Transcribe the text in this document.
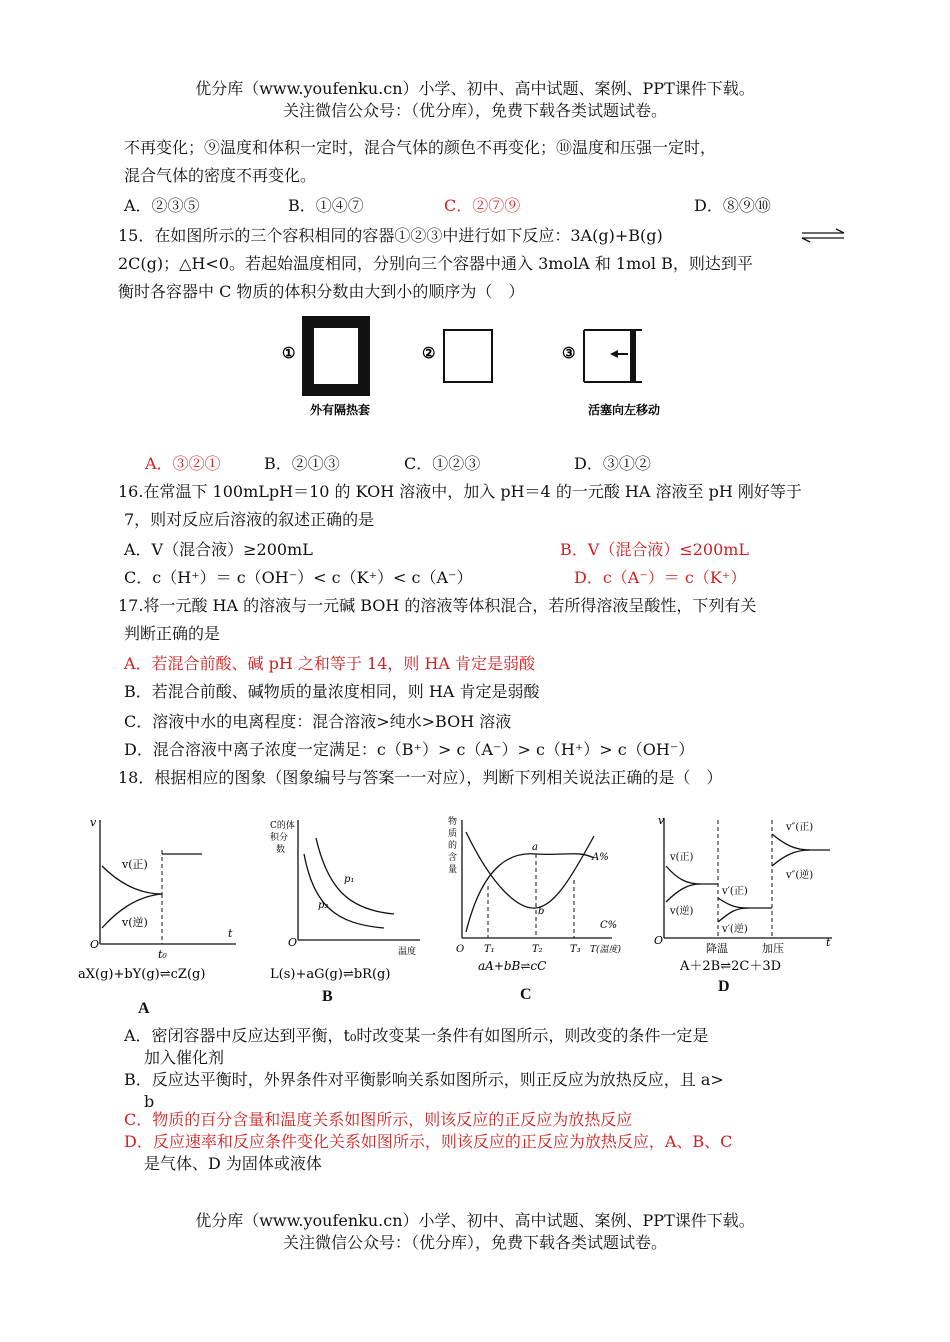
优分库（www.youfenku.cn）小学、初中、高中试题、案例、PPT课件下载。
关注微信公众号：（优分库），免费下载各类试题试卷。
不再变化；⑨温度和体积一定时，混合气体的颜色不再变化；⑩温度和压强一定时，
混合气体的密度不再变化。
A．②③⑤	B．①④⑦	C．②⑦⑨	D．⑧⑨⑩
15．在如图所示的三个容积相同的容器①②③中进行如下反应：3A(g)+B(g)
2C(g)；△H<0。若起始温度相同，分别向三个容器中通入 3molA 和 1mol B，则达到平
衡时各容器中 C 物质的体积分数由大到小的顺序为（　）
①
外有隔热套
②	③
活塞向左移动
A．③②①	B．②①③	C．①②③	D．③①②
16.在常温下 100mLpH＝10 的 KOH 溶液中，加入 pH＝4 的一元酸 HA 溶液至 pH 刚好等于
7，则对反应后溶液的叙述正确的是
A．V（混合液）≥200mL	B．V（混合液）≤200mL
C．c（H⁺）＝ c（OH⁻）< c（K⁺）< c（A⁻）	D．c（A⁻）＝ c（K⁺）
17.将一元酸 HA 的溶液与一元碱 BOH 的溶液等体积混合，若所得溶液呈酸性，下列有关
判断正确的是
A．若混合前酸、碱 pH 之和等于 14，则 HA 肯定是弱酸
B．若混合前酸、碱物质的量浓度相同，则 HA 肯定是弱酸
C．溶液中水的电离程度：混合溶液>纯水>BOH 溶液
D．混合溶液中离子浓度一定满足：c（B⁺）> c（A⁻）> c（H⁺）> c（OH⁻）
18．根据相应的图象（图象编号与答案一一对应），判断下列相关说法正确的是（　）
v
O
t
v(正)
v(逆)
t₀
aX(g)+bY(g)⇌cZ(g)
A
C的体
积分
数
O
温度
p₁
p₂
L(s)+aG(g)⇌bR(g)
B
物
质
的
含
量
a
b
A%
C%
O T₁	T₂	T₃ T(温度)
aA+bB⇌cC
C
v
O	t
v(正)
v(逆)
v′(正)
v′(逆)
v″(正)
v″(逆)
降温	加压
A＋2B⇌2C＋3D
D
A．密闭容器中反应达到平衡，t₀时改变某一条件有如图所示，则改变的条件一定是
加入催化剂
B．反应达平衡时，外界条件对平衡影响关系如图所示，则正反应为放热反应，且 a>
b
C．物质的百分含量和温度关系如图所示，则该反应的正反应为放热反应
D．反应速率和反应条件变化关系如图所示，则该反应的正反应为放热反应，A、B、C
是气体、D 为固体或液体
优分库（www.youfenku.cn）小学、初中、高中试题、案例、PPT课件下载。
关注微信公众号：（优分库），免费下载各类试题试卷。
